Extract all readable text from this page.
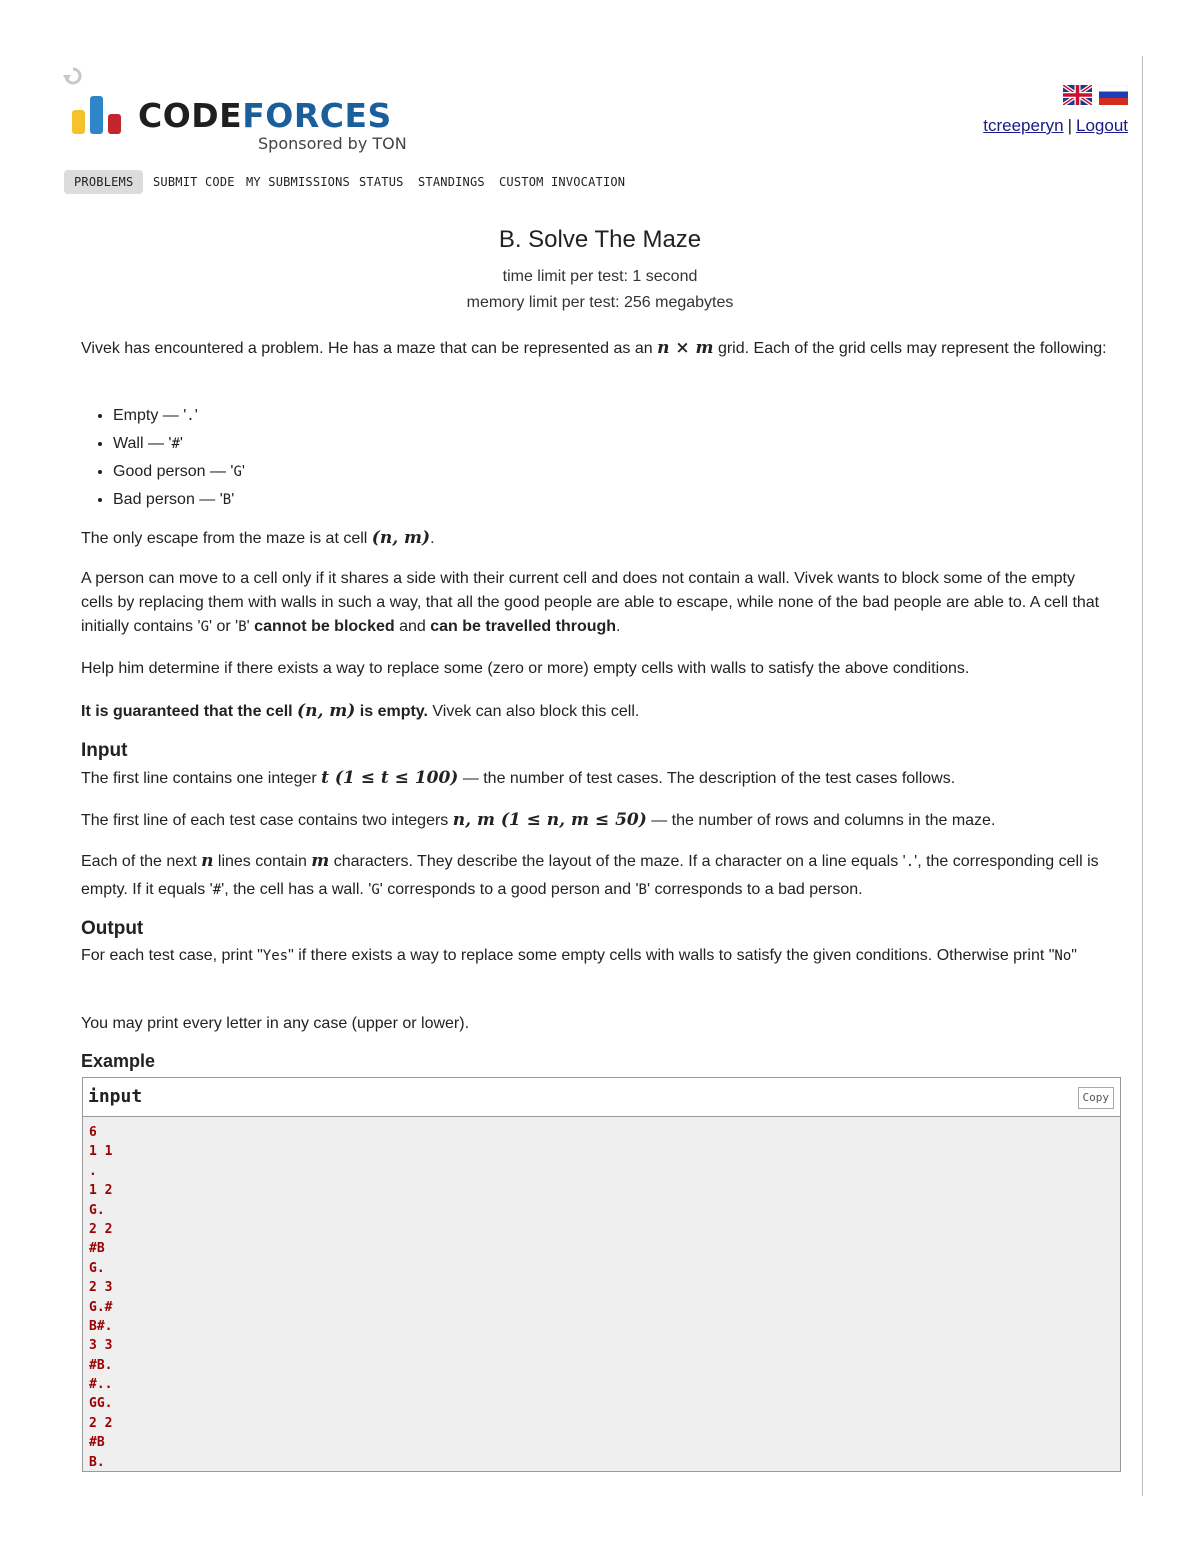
CODEFORCES
Sponsored by TON
tcreeperyn | Logout
PROBLEMS	SUBMIT CODE MY SUBMISSIONS STATUS STANDINGS CUSTOM INVOCATION
B. Solve The Maze
time limit per test: 1 second
memory limit per test: 256 megabytes

Vivek has encountered a problem. He has a maze that can be represented as an n × m grid. Each of the grid cells may represent the following:

• Empty — '.'
• Wall — '#'
• Good person — 'G'
• Bad person — 'B'

The only escape from the maze is at cell (n, m).

A person can move to a cell only if it shares a side with their current cell and does not contain a wall. Vivek wants to block some of the empty cells by replacing them with walls in such a way, that all the good people are able to escape, while none of the bad people are able to. A cell that initially contains 'G' or 'B' cannot be blocked and can be travelled through.

Help him determine if there exists a way to replace some (zero or more) empty cells with walls to satisfy the above conditions.

It is guaranteed that the cell (n, m) is empty. Vivek can also block this cell.

Input

The first line contains one integer t (1 ≤ t ≤ 100) — the number of test cases. The description of the test cases follows.

The first line of each test case contains two integers n, m (1 ≤ n, m ≤ 50) — the number of rows and columns in the maze.

Each of the next n lines contain m characters. They describe the layout of the maze. If a character on a line equals '.', the corresponding cell is empty. If it equals '#', the cell has a wall. 'G' corresponds to a good person and 'B' corresponds to a bad person.

Output

For each test case, print "Yes" if there exists a way to replace some empty cells with walls to satisfy the given conditions. Otherwise print "No"

You may print every letter in any case (upper or lower).

Example
input	Copy
6
1 1
.
1 2
G.
2 2
#B
G.
2 3
G.#
B#.
3 3
#B.
#..
GG.
2 2
#B
B.
